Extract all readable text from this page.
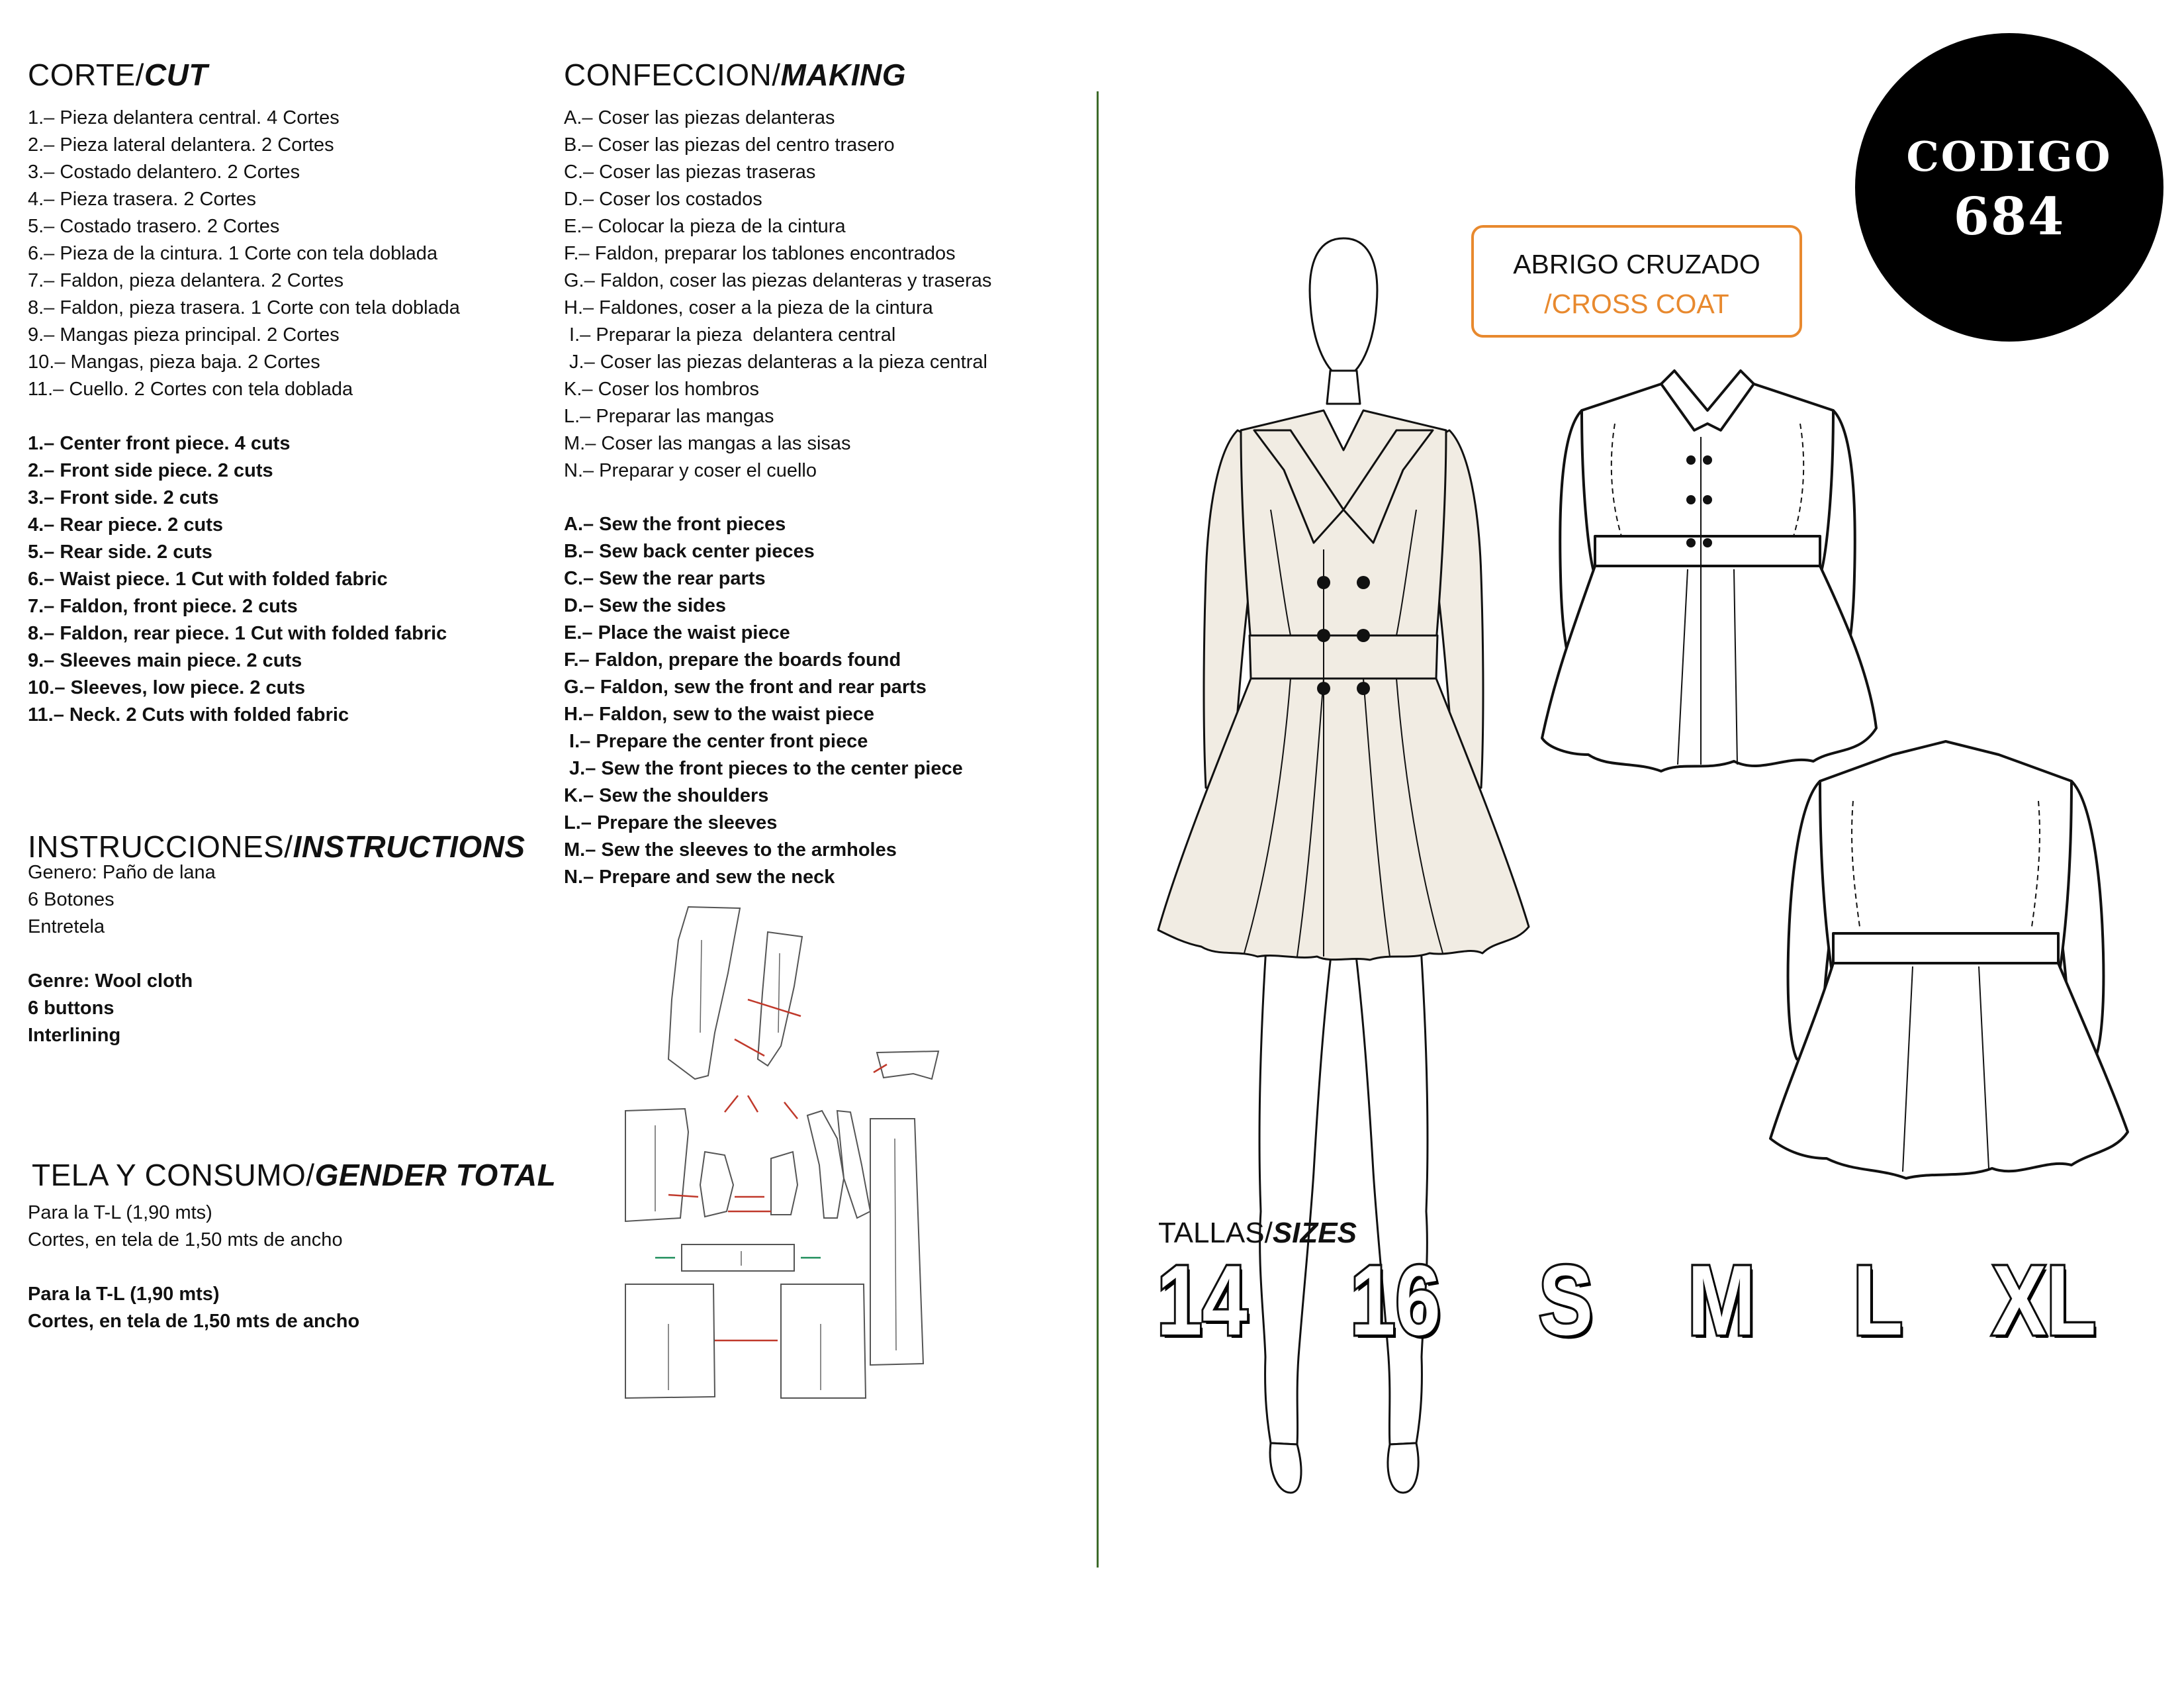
CORTE/CUT
1.– Pieza delantera central. 4 Cortes
2.– Pieza lateral delantera. 2 Cortes
3.– Costado delantero. 2 Cortes
4.– Pieza trasera. 2 Cortes
5.– Costado trasero. 2 Cortes
6.– Pieza de la cintura. 1 Corte con tela doblada
7.– Faldon, pieza delantera. 2 Cortes
8.– Faldon, pieza trasera. 1 Corte con tela doblada
9.– Mangas pieza principal. 2 Cortes
10.– Mangas, pieza baja. 2 Cortes
11.– Cuello. 2 Cortes con tela doblada
1.– Center front piece. 4 cuts
2.– Front side piece. 2 cuts
3.– Front side. 2 cuts
4.– Rear piece. 2 cuts
5.– Rear side. 2 cuts
6.– Waist piece. 1 Cut with folded fabric
7.– Faldon, front piece. 2 cuts
8.– Faldon, rear piece. 1 Cut with folded fabric
9.– Sleeves main piece. 2 cuts
10.– Sleeves, low piece. 2 cuts
11.– Neck. 2 Cuts with folded fabric
INSTRUCCIONES/INSTRUCTIONS
Genero: Paño de lana
6 Botones
Entretela
Genre: Wool cloth
6 buttons
Interlining
TELA Y CONSUMO/GENDER TOTAL
Para la T-L (1,90 mts)
Cortes, en tela de 1,50 mts de ancho
Para la T-L (1,90 mts)
Cortes, en tela de 1,50 mts de ancho
CONFECCION/MAKING
A.– Coser las piezas delanteras
B.– Coser las piezas del centro trasero
C.– Coser las piezas traseras
D.– Coser los costados
E.– Colocar la pieza de la cintura
F.– Faldon, preparar los tablones encontrados
G.– Faldon, coser las piezas delanteras y traseras
H.– Faldones, coser a la pieza de la cintura
I.– Preparar la pieza  delantera central
J.– Coser las piezas delanteras a la pieza central
K.– Coser los hombros
L.– Preparar las mangas
M.– Coser las mangas a las sisas
N.– Preparar y coser el cuello
A.– Sew the front pieces
B.– Sew back center pieces
C.– Sew the rear parts
D.– Sew the sides
E.– Place the waist piece
F.– Faldon, prepare the boards found
G.– Faldon, sew the front and rear parts
H.– Faldon, sew to the waist piece
I.– Prepare the center front piece
J.– Sew the front pieces to the center piece
K.– Sew the shoulders
L.– Prepare the sleeves
M.– Sew the sleeves to the armholes
N.– Prepare and sew the neck
CODIGO
684
ABRIGO CRUZADO
/CROSS COAT
TALLAS/SIZES
14 16 S M L XL
